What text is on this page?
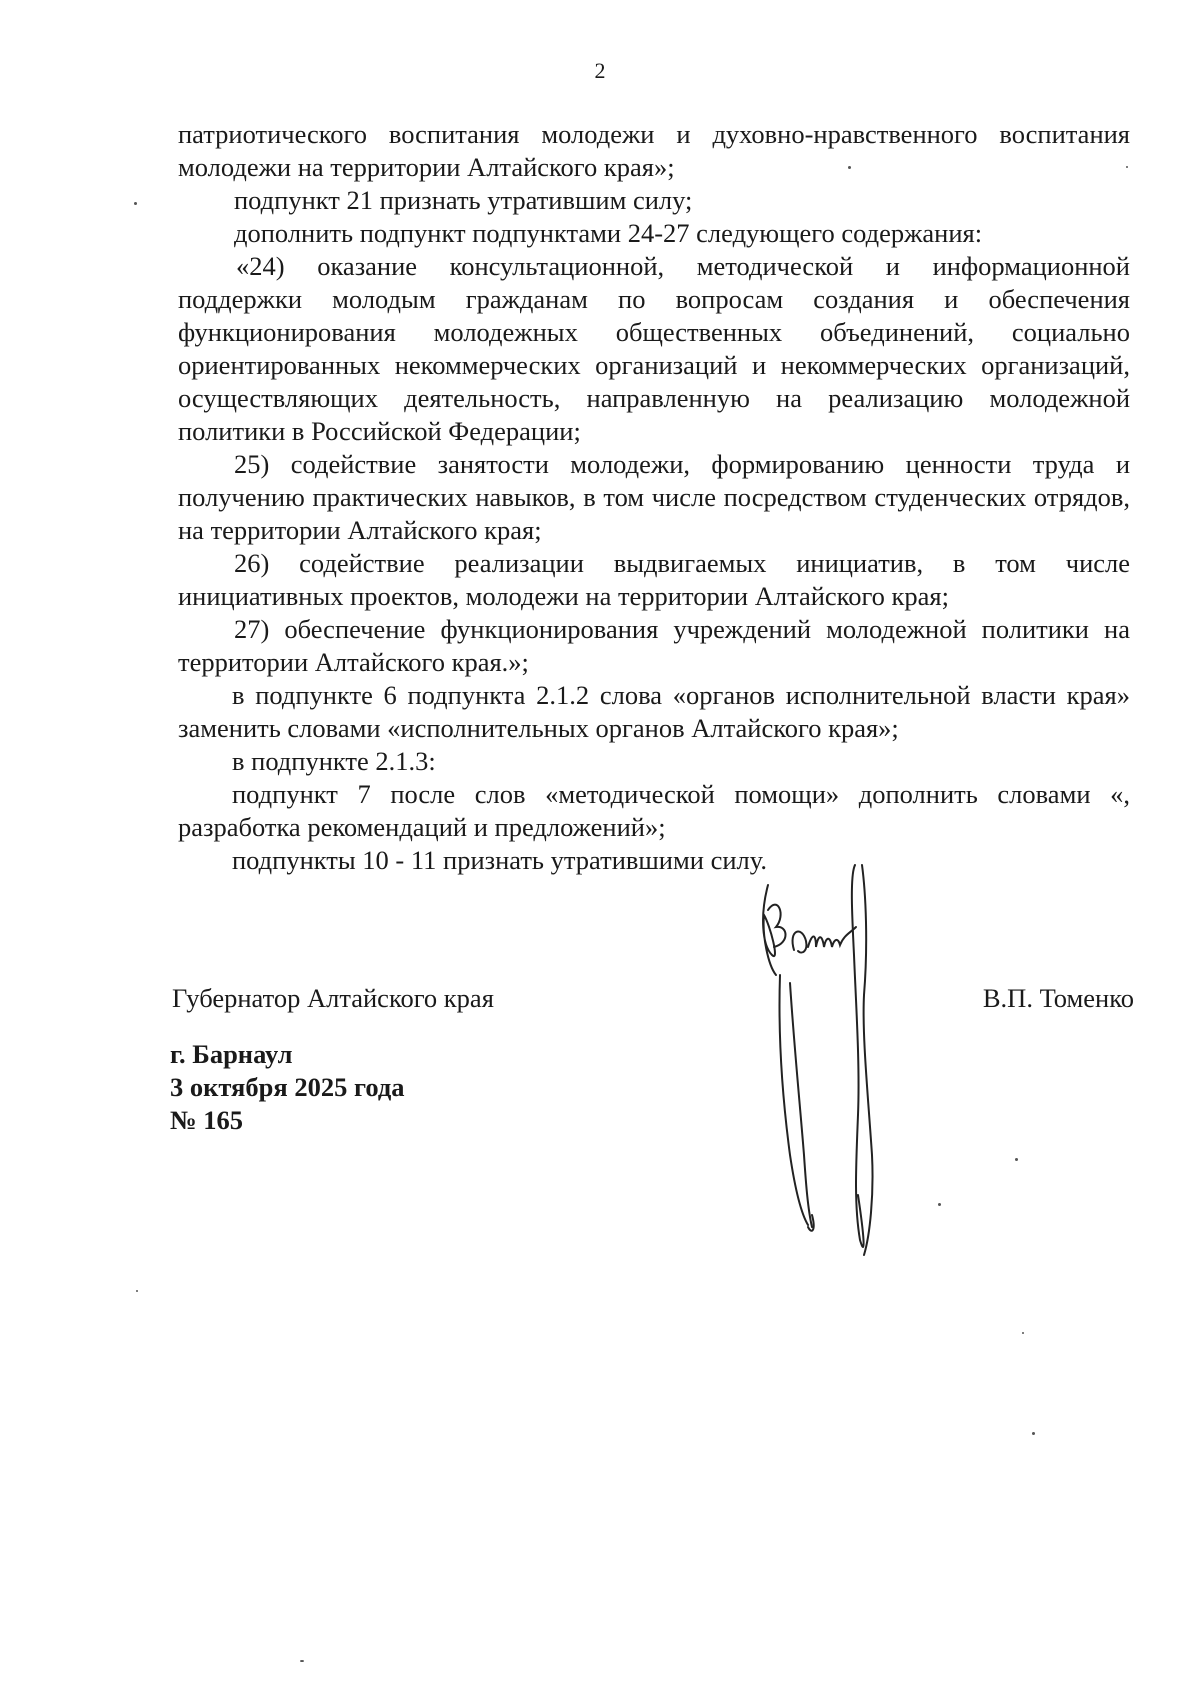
2

патриотического воспитания молодежи и духовно-нравственного воспитания молодежи на территории Алтайского края»;

подпункт 21 признать утратившим силу;

дополнить подпункт подпунктами 24-27 следующего содержания:

«24) оказание консультационной, методической и информационной поддержки молодым гражданам по вопросам создания и обеспечения функционирования молодежных общественных объединений, социально ориентированных некоммерческих организаций и некоммерческих организаций, осуществляющих деятельность, направленную на реализацию молодежной политики в Российской Федерации;

25) содействие занятости молодежи, формированию ценности труда и получению практических навыков, в том числе посредством студенческих отрядов, на территории Алтайского края;

26) содействие реализации выдвигаемых инициатив, в том числе инициативных проектов, молодежи на территории Алтайского края;

27) обеспечение функционирования учреждений молодежной политики на территории Алтайского края.»;

в подпункте 6 подпункта 2.1.2 слова «органов исполнительной власти края» заменить словами «исполнительных органов Алтайского края»;

в подпункте 2.1.3:

подпункт 7 после слов «методической помощи» дополнить словами «, разработка рекомендаций и предложений»;

подпункты 10 - 11 признать утратившими силу.

Губернатор Алтайского края	В.П. Томенко
г. Барнаул
3 октября 2025 года
№ 165
